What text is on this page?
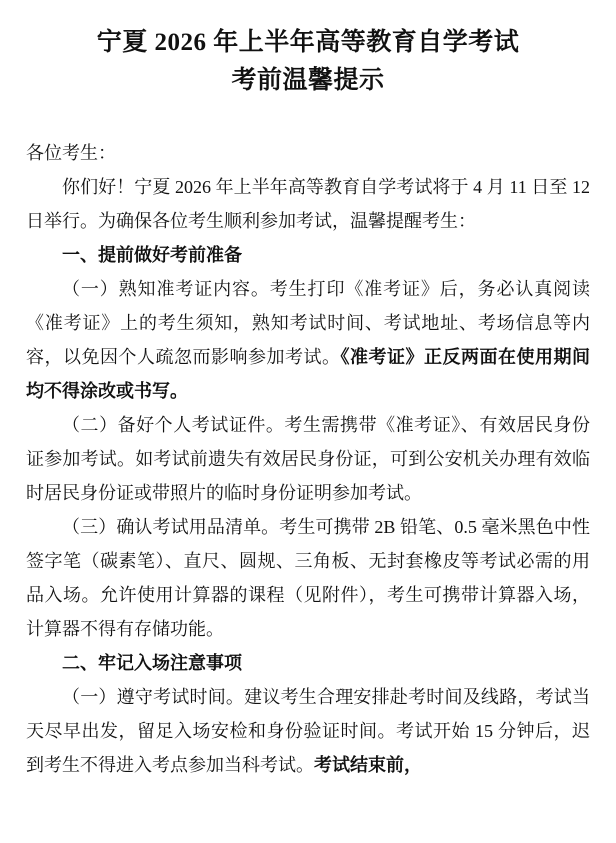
宁夏 2026 年上半年高等教育自学考试
考前温馨提示
各位考生：

你们好！宁夏 2026 年上半年高等教育自学考试将于 4 月 11 日至 12 日举行。为确保各位考生顺利参加考试，温馨提醒考生：

一、提前做好考前准备

（一）熟知准考证内容。考生打印《准考证》后，务必认真阅读《准考证》上的考生须知，熟知考试时间、考试地址、考场信息等内容，以免因个人疏忽而影响参加考试。《准考证》正反两面在使用期间均不得涂改或书写。

（二）备好个人考试证件。考生需携带《准考证》、有效居民身份证参加考试。如考试前遗失有效居民身份证，可到公安机关办理有效临时居民身份证或带照片的临时身份证明参加考试。

（三）确认考试用品清单。考生可携带 2B 铅笔、0.5 毫米黑色中性签字笔（碳素笔）、直尺、圆规、三角板、无封套橡皮等考试必需的用品入场。允许使用计算器的课程（见附件），考生可携带计算器入场，计算器不得有存储功能。

二、牢记入场注意事项

（一）遵守考试时间。建议考生合理安排赴考时间及线路，考试当天尽早出发，留足入场安检和身份验证时间。考试开始 15 分钟后，迟到考生不得进入考点参加当科考试。考试结束前，
